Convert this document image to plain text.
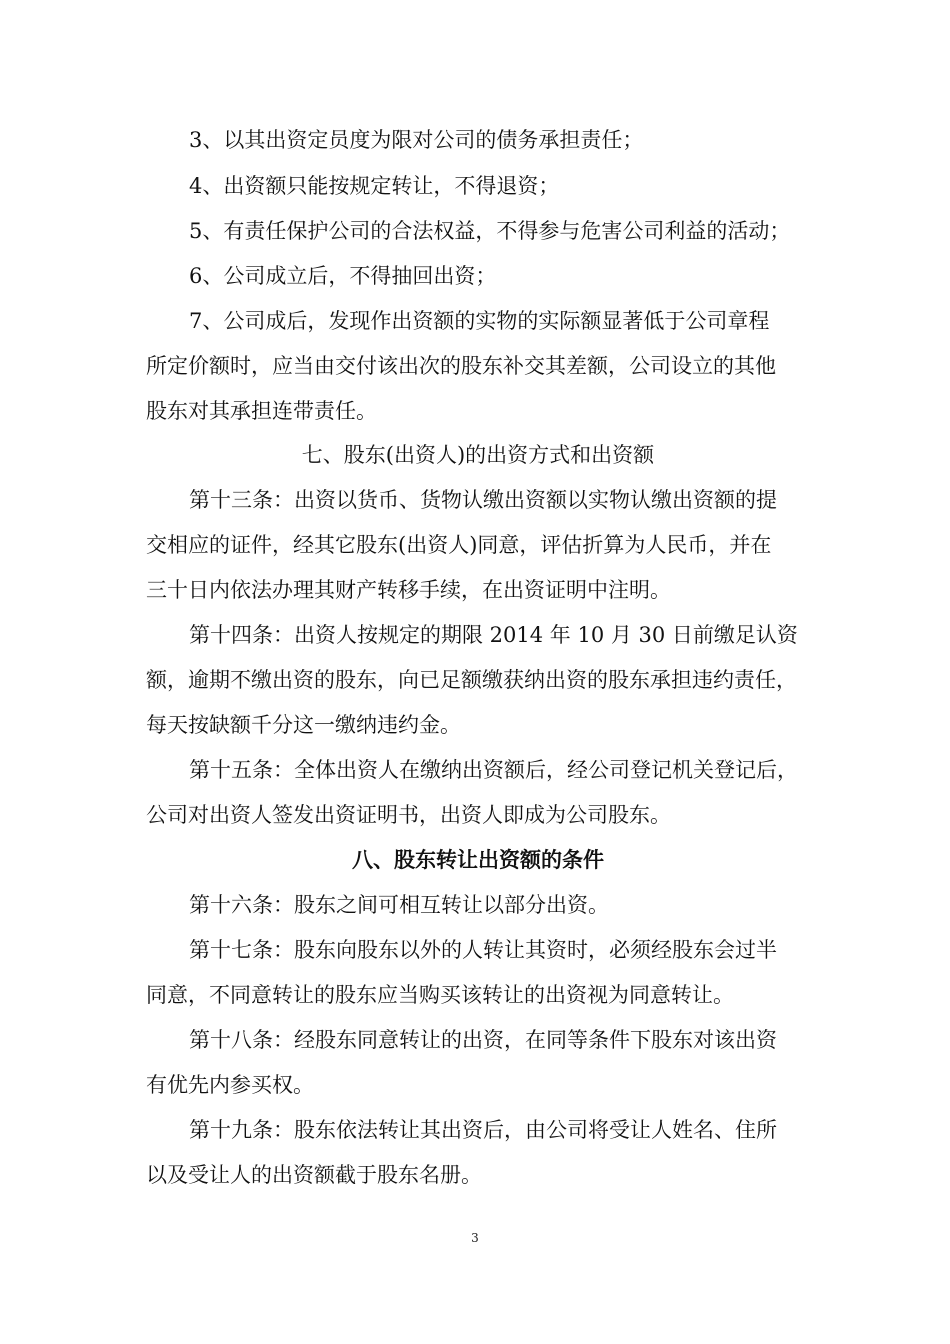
3、以其出资定员度为限对公司的债务承担责任；
4、出资额只能按规定转让，不得退资；
5、有责任保护公司的合法权益，不得参与危害公司利益的活动；
6、公司成立后，不得抽回出资；
7、公司成后，发现作出资额的实物的实际额显著低于公司章程
所定价额时，应当由交付该出次的股东补交其差额，公司设立的其他
股东对其承担连带责任。
七、股东(出资人)的出资方式和出资额
第十三条：出资以货币、货物认缴出资额以实物认缴出资额的提
交相应的证件，经其它股东(出资人)同意，评估折算为人民币，并在
三十日内依法办理其财产转移手续，在出资证明中注明。
第十四条：出资人按规定的期限 2014 年 10 月 30 日前缴足认资
额，逾期不缴出资的股东，向已足额缴获纳出资的股东承担违约责任，
每天按缺额千分这一缴纳违约金。
第十五条：全体出资人在缴纳出资额后，经公司登记机关登记后，
公司对出资人签发出资证明书，出资人即成为公司股东。
八、股东转让出资额的条件
第十六条：股东之间可相互转让以部分出资。
第十七条：股东向股东以外的人转让其资时，必须经股东会过半
同意，不同意转让的股东应当购买该转让的出资视为同意转让。
第十八条：经股东同意转让的出资，在同等条件下股东对该出资
有优先内参买权。
第十九条：股东依法转让其出资后，由公司将受让人姓名、住所
以及受让人的出资额截于股东名册。
3
